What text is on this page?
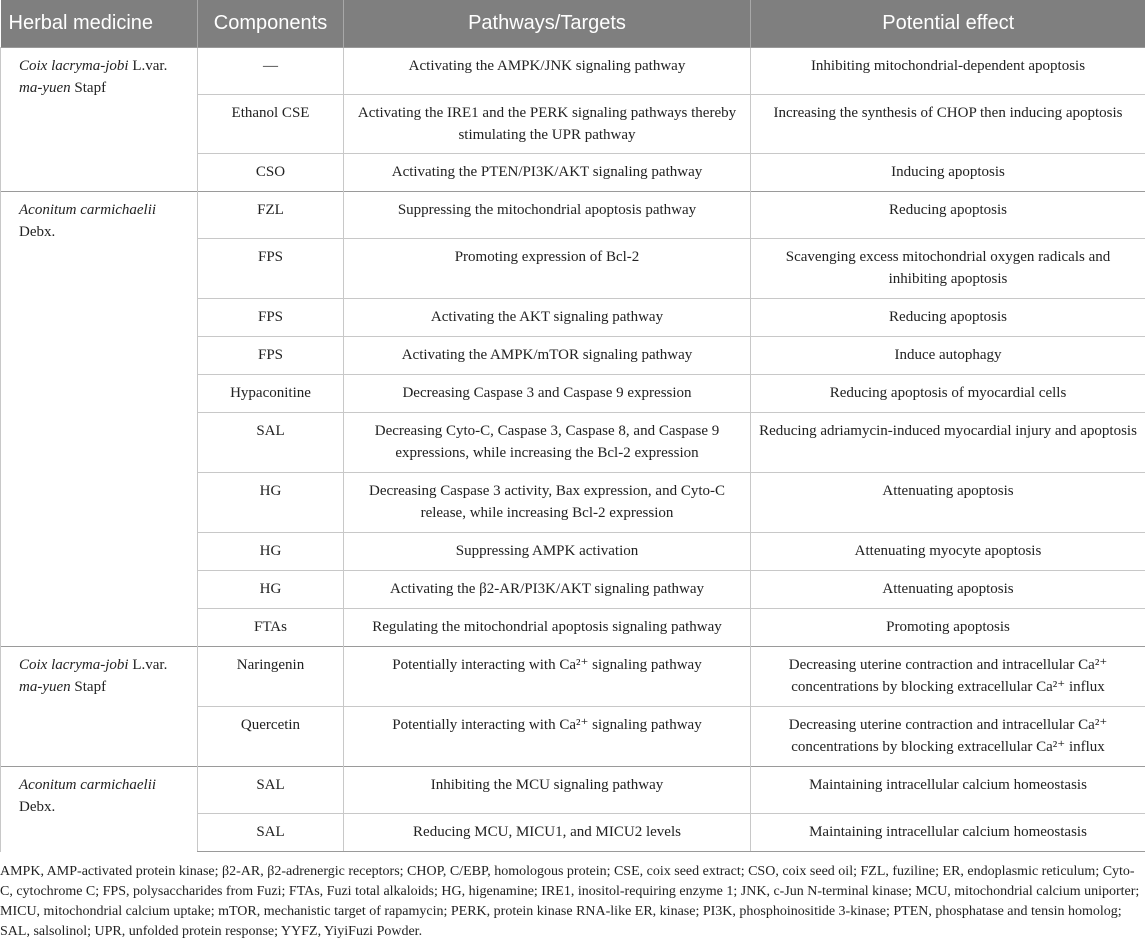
Herbal medicine	Components	Pathways/Targets	Potential effect
Coix lacryma-jobi L.var. ma-yuen Stapf	—	Activating the AMPK/JNK signaling pathway	Inhibiting mitochondrial-dependent apoptosis
	Ethanol CSE	Activating the IRE1 and the PERK signaling pathways thereby stimulating the UPR pathway	Increasing the synthesis of CHOP then inducing apoptosis
	CSO	Activating the PTEN/PI3K/AKT signaling pathway	Inducing apoptosis
Aconitum carmichaelii
Debx.	FZL	Suppressing the mitochondrial apoptosis pathway	Reducing apoptosis
	FPS	Promoting expression of Bcl-2	Scavenging excess mitochondrial oxygen radicals and inhibiting apoptosis
	FPS	Activating the AKT signaling pathway	Reducing apoptosis
	FPS	Activating the AMPK/mTOR signaling pathway	Induce autophagy
	Hypaconitine	Decreasing Caspase 3 and Caspase 9 expression	Reducing apoptosis of myocardial cells
	SAL	Decreasing Cyto-C, Caspase 3, Caspase 8, and Caspase 9 expressions, while increasing the Bcl-2 expression	Reducing adriamycin-induced myocardial injury and apoptosis
	HG	Decreasing Caspase 3 activity, Bax expression, and Cyto-C release, while increasing Bcl-2 expression	Attenuating apoptosis
	HG	Suppressing AMPK activation	Attenuating myocyte apoptosis
	HG	Activating the β2-AR/PI3K/AKT signaling pathway	Attenuating apoptosis
	FTAs	Regulating the mitochondrial apoptosis signaling pathway	Promoting apoptosis
Coix lacryma-jobi L.var. ma-yuen Stapf	Naringenin	Potentially interacting with Ca²⁺ signaling pathway	Decreasing uterine contraction and intracellular Ca²⁺ concentrations by blocking extracellular Ca²⁺ influx
	Quercetin	Potentially interacting with Ca²⁺ signaling pathway	Decreasing uterine contraction and intracellular Ca²⁺ concentrations by blocking extracellular Ca²⁺ influx
Aconitum carmichaelii
Debx.	SAL	Inhibiting the MCU signaling pathway	Maintaining intracellular calcium homeostasis
	SAL	Reducing MCU, MICU1, and MICU2 levels	Maintaining intracellular calcium homeostasis

AMPK, AMP-activated protein kinase; β2-AR, β2-adrenergic receptors; CHOP, C/EBP, homologous protein; CSE, coix seed extract; CSO, coix seed oil; FZL, fuziline; ER, endoplasmic reticulum; Cyto-C, cytochrome C; FPS, polysaccharides from Fuzi; FTAs, Fuzi total alkaloids; HG, higenamine; IRE1, inositol-requiring enzyme 1; JNK, c-Jun N-terminal kinase; MCU, mitochondrial calcium uniporter; MICU, mitochondrial calcium uptake; mTOR, mechanistic target of rapamycin; PERK, protein kinase RNA-like ER, kinase; PI3K, phosphoinositide 3-kinase; PTEN, phosphatase and tensin homolog; SAL, salsolinol; UPR, unfolded protein response; YYFZ, YiyiFuzi Powder.
